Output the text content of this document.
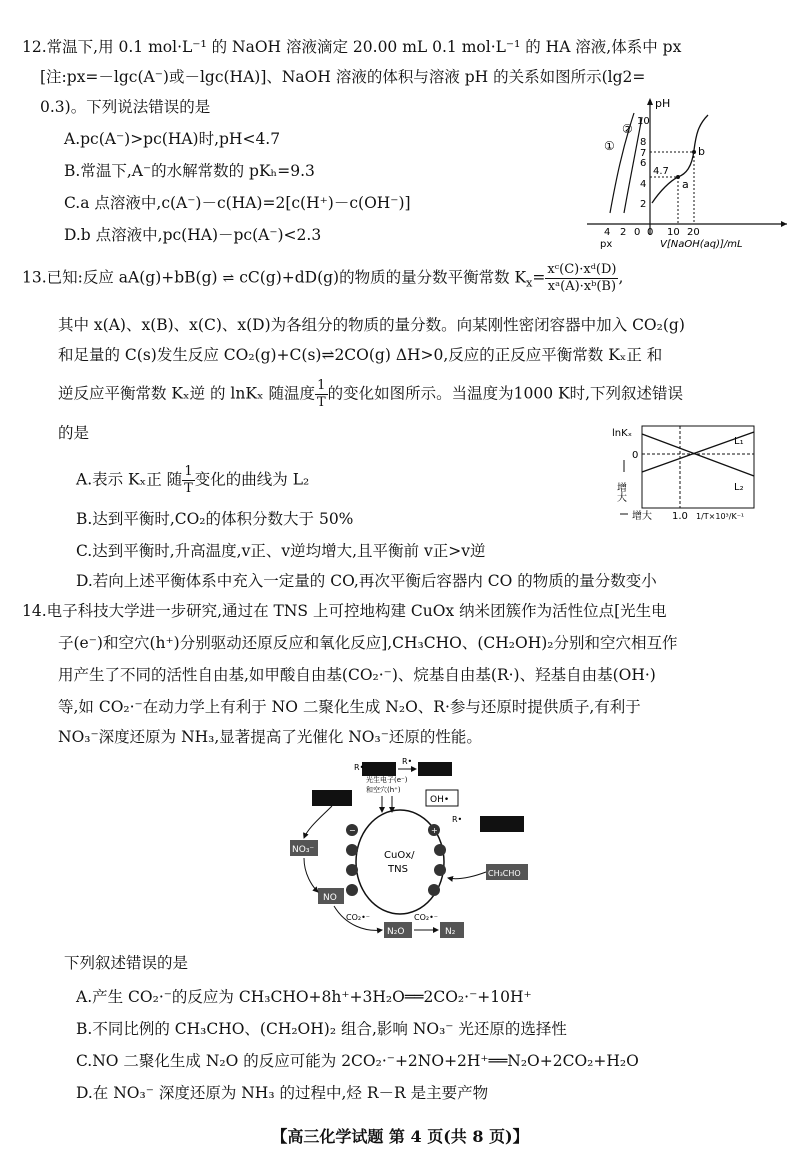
12.常温下,用 0.1 mol·L⁻¹ 的 NaOH 溶液滴定 20.00 mL 0.1 mol·L⁻¹ 的 HA 溶液,体系中 px
[注:px=－lgc(A⁻)或－lgc(HA)]、NaOH 溶液的体积与溶液 pH 的关系如图所示(lg2=
0.3)。下列说法错误的是
A.pc(A⁻)>pc(HA)时,pH<4.7
B.常温下,A⁻的水解常数的 pKₕ=9.3
C.a 点溶液中,c(A⁻)－c(HA)=2[c(H⁺)－c(OH⁻)]
D.b 点溶液中,pc(HA)－pc(A⁻)<2.3
pH
2
4
6
7
8
10
4.7
0 10 20
4 2 0
px	V[NaOH(aq)]/mL
①
②
a
b
13.已知:反应 aA(g)+bB(g) ⇌ cC(g)+dD(g)的物质的量分数平衡常数 $K_x= \frac{\text{xᶜ(C)·xᵈ(D)}}{\text{xᵃ(A)·xᵇ(B)}}$ ,
其中 x(A)、x(B)、x(C)、x(D)为各组分的物质的量分数。向某刚性密闭容器中加入 CO₂(g)
和足量的 C(s)发生反应 CO₂(g)+C(s)⇌2CO(g) ΔH>0,反应的正反应平衡常数 Kₓ正 和
逆反应平衡常数 Kₓ逆 的 lnKₓ 随温度 $\frac{1}{T}$ 的变化如图所示。当温度为1000 K时,下列叙述错误
的是
A.表示 Kₓ正 随 $\frac{1}{T}$ 变化的曲线为 L₂
B.达到平衡时,CO₂的体积分数大于 50%
C.达到平衡时,升高温度,v正、v逆均增大,且平衡前 v正>v逆
D.若向上述平衡体系中充入一定量的 CO,再次平衡后容器内 CO 的物质的量分数变小
L₁
L₂
lnKₓ
0
增大
增大 1.0 1/T×10³/K⁻¹
14.电子科技大学进一步研究,通过在 TNS 上可控地构建 CuOx 纳米团簇作为活性位点[光生电
子(e⁻)和空穴(h⁺)分别驱动还原反应和氧化反应],CH₃CHO、(CH₂OH)₂分别和空穴相互作
用产生了不同的活性自由基,如甲酸自由基(CO₂·⁻)、烷基自由基(R·)、羟基自由基(OH·)
等,如 CO₂·⁻在动力学上有利于 NO 二聚化生成 N₂O、R·参与还原时提供质子,有利于
NO₃⁻深度还原为 NH₃,显著提高了光催化 NO₃⁻还原的性能。
CuOx/
TNS
−	+
光生电子(e⁻)
和空穴(h⁺)
R•
R•
OH•
R•
NO₃⁻
NO
CH₃CHO
N₂O	N₂
CO₂•⁻	CO₂•⁻
下列叙述错误的是
A.产生 CO₂·⁻的反应为 CH₃CHO+8h⁺+3H₂O══2CO₂·⁻+10H⁺
B.不同比例的 CH₃CHO、(CH₂OH)₂ 组合,影响 NO₃⁻ 光还原的选择性
C.NO 二聚化生成 N₂O 的反应可能为 2CO₂·⁻+2NO+2H⁺══N₂O+2CO₂+H₂O
D.在 NO₃⁻ 深度还原为 NH₃ 的过程中,烃 R－R 是主要产物
【高三化学试题 第 4 页(共 8 页)】
